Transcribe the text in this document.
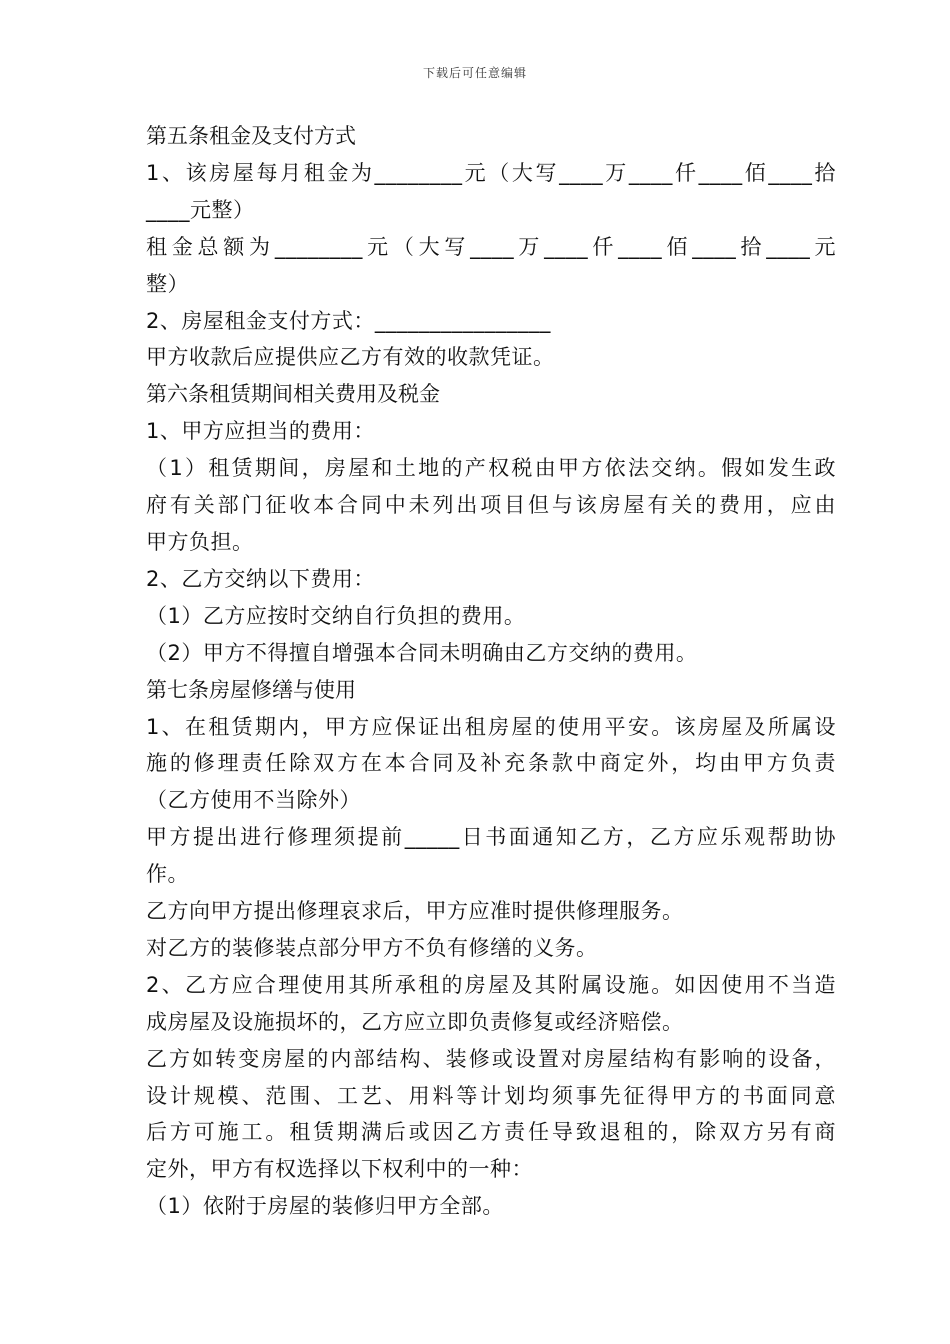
下载后可任意编辑
第五条租金及支付方式
1、该房屋每月租金为________元（大写____万____仟____佰____拾
____元整）
租金总额为________元（大写____万____仟____佰____拾____元
整）
2、房屋租金支付方式：________________
甲方收款后应提供应乙方有效的收款凭证。
第六条租赁期间相关费用及税金
1、甲方应担当的费用：
（1）租赁期间，房屋和土地的产权税由甲方依法交纳。假如发生政
府有关部门征收本合同中未列出项目但与该房屋有关的费用，应由
甲方负担。
2、乙方交纳以下费用：
（1）乙方应按时交纳自行负担的费用。
（2）甲方不得擅自增强本合同未明确由乙方交纳的费用。
第七条房屋修缮与使用
1、在租赁期内，甲方应保证出租房屋的使用平安。该房屋及所属设
施的修理责任除双方在本合同及补充条款中商定外，均由甲方负责
（乙方使用不当除外）
甲方提出进行修理须提前_____日书面通知乙方，乙方应乐观帮助协
作。
乙方向甲方提出修理哀求后，甲方应准时提供修理服务。
对乙方的装修装点部分甲方不负有修缮的义务。
2、乙方应合理使用其所承租的房屋及其附属设施。如因使用不当造
成房屋及设施损坏的，乙方应立即负责修复或经济赔偿。
乙方如转变房屋的内部结构、装修或设置对房屋结构有影响的设备，
设计规模、范围、工艺、用料等计划均须事先征得甲方的书面同意
后方可施工。租赁期满后或因乙方责任导致退租的，除双方另有商
定外，甲方有权选择以下权利中的一种：
（1）依附于房屋的装修归甲方全部。
